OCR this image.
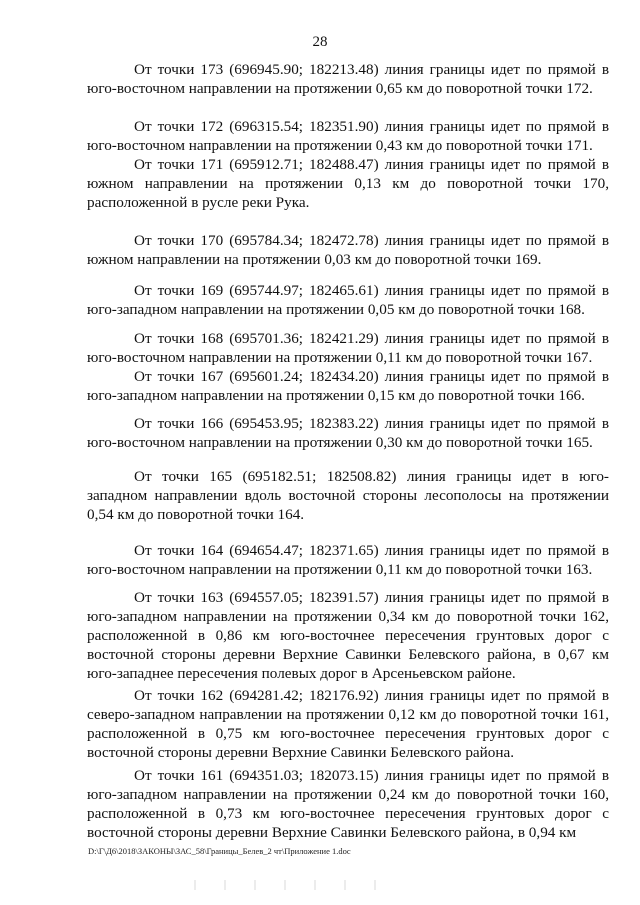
28

От точки 173 (696945.90; 182213.48) линия границы идет по прямой в юго-восточном направлении на протяжении 0,65 км до поворотной точки 172.

От точки 172 (696315.54; 182351.90) линия границы идет по прямой в юго-восточном направлении на протяжении 0,43 км до поворотной точки 171.

От точки 171 (695912.71; 182488.47) линия границы идет по прямой в южном направлении на протяжении 0,13 км до поворотной точки 170, расположенной в русле реки Рука.

От точки 170 (695784.34; 182472.78) линия границы идет по прямой в южном направлении на протяжении 0,03 км до поворотной точки 169.

От точки 169 (695744.97; 182465.61) линия границы идет по прямой в юго-западном направлении на протяжении 0,05 км до поворотной точки 168.

От точки 168 (695701.36; 182421.29) линия границы идет по прямой в юго-восточном направлении на протяжении 0,11 км до поворотной точки 167.

От точки 167 (695601.24; 182434.20) линия границы идет по прямой в юго-западном направлении на протяжении 0,15 км до поворотной точки 166.

От точки 166 (695453.95; 182383.22) линия границы идет по прямой в юго-восточном направлении на протяжении 0,30 км до поворотной точки 165.

От точки 165 (695182.51; 182508.82) линия границы идет в юго-западном направлении вдоль восточной стороны лесополосы на протяжении 0,54 км до поворотной точки 164.

От точки 164 (694654.47; 182371.65) линия границы идет по прямой в юго-восточном направлении на протяжении 0,11 км до поворотной точки 163.

От точки 163 (694557.05; 182391.57) линия границы идет по прямой в юго-западном направлении на протяжении 0,34 км до поворотной точки 162, расположенной в 0,86 км юго-восточнее пересечения грунтовых дорог с восточной стороны деревни Верхние Савинки Белевского района, в 0,67 км юго-западнее пересечения полевых дорог в Арсеньевском районе.

От точки 162 (694281.42; 182176.92) линия границы идет по прямой в северо-западном направлении на протяжении 0,12 км до поворотной точки 161, расположенной в 0,75 км юго-восточнее пересечения грунтовых дорог с восточной стороны деревни Верхние Савинки Белевского района.

От точки 161 (694351.03; 182073.15) линия границы идет по прямой в юго-западном направлении на протяжении 0,24 км до поворотной точки 160, расположенной в 0,73 км юго-восточнее пересечения грунтовых дорог с восточной стороны деревни Верхние Савинки Белевского района, в 0,94 км

D:\Г\Д6\2018\ЗАКОНЫ\ЗАС_58\Границы_Белев_2 чт\Приложение 1.doc
